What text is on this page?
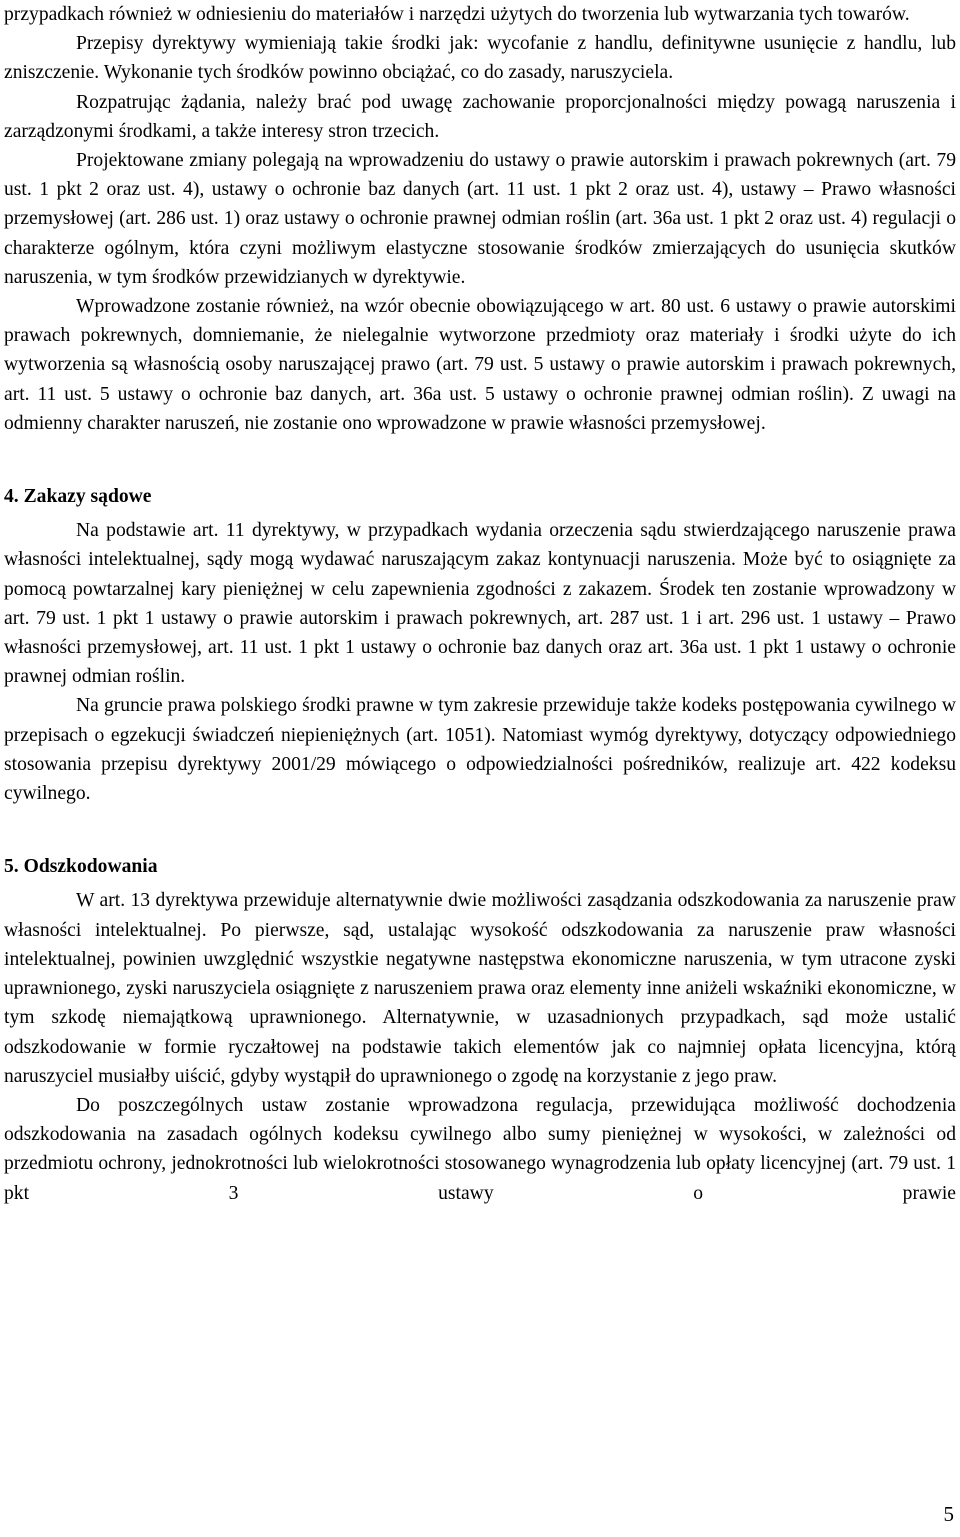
przypadkach również w odniesieniu do materiałów i narzędzi użytych do tworzenia lub wytwarzania tych towarów.

Przepisy dyrektywy wymieniają takie środki jak: wycofanie z handlu, definitywne usunięcie z handlu, lub zniszczenie. Wykonanie tych środków powinno obciążać, co do zasady, naruszyciela.

Rozpatrując żądania, należy brać pod uwagę zachowanie proporcjonalności między powagą naruszenia i zarządzonymi środkami, a także interesy stron trzecich.

Projektowane zmiany polegają na wprowadzeniu do ustawy o prawie autorskim i prawach pokrewnych (art. 79 ust. 1 pkt 2 oraz ust. 4), ustawy o ochronie baz danych (art. 11 ust. 1 pkt 2 oraz ust. 4), ustawy – Prawo własności przemysłowej (art. 286 ust. 1) oraz ustawy o ochronie prawnej odmian roślin (art. 36a ust. 1 pkt 2 oraz ust. 4) regulacji o charakterze ogólnym, która czyni możliwym elastyczne stosowanie środków zmierzających do usunięcia skutków naruszenia, w tym środków przewidzianych w dyrektywie.

Wprowadzone zostanie również, na wzór obecnie obowiązującego w art. 80 ust. 6 ustawy o prawie autorskimi prawach pokrewnych, domniemanie, że nielegalnie wytworzone przedmioty oraz materiały i środki użyte do ich wytworzenia są własnością osoby naruszającej prawo (art. 79 ust. 5 ustawy o prawie autorskim i prawach pokrewnych, art. 11 ust. 5 ustawy o ochronie baz danych, art. 36a ust. 5 ustawy o ochronie prawnej odmian roślin). Z uwagi na odmienny charakter naruszeń, nie zostanie ono wprowadzone w prawie własności przemysłowej.

4. Zakazy sądowe

Na podstawie art. 11 dyrektywy, w przypadkach wydania orzeczenia sądu stwierdzającego naruszenie prawa własności intelektualnej, sądy mogą wydawać naruszającym zakaz kontynuacji naruszenia. Może być to osiągnięte za pomocą powtarzalnej kary pieniężnej w celu zapewnienia zgodności z zakazem. Środek ten zostanie wprowadzony w art. 79 ust. 1 pkt 1 ustawy o prawie autorskim i prawach pokrewnych, art. 287 ust. 1 i art. 296 ust. 1 ustawy – Prawo własności przemysłowej, art. 11 ust. 1 pkt 1 ustawy o ochronie baz danych oraz art. 36a ust. 1 pkt 1 ustawy o ochronie prawnej odmian roślin.

Na gruncie prawa polskiego środki prawne w tym zakresie przewiduje także kodeks postępowania cywilnego w przepisach o egzekucji świadczeń niepieniężnych (art. 1051). Natomiast wymóg dyrektywy, dotyczący odpowiedniego stosowania przepisu dyrektywy 2001/29 mówiącego o odpowiedzialności pośredników, realizuje art. 422 kodeksu cywilnego.

5. Odszkodowania

W art. 13 dyrektywa przewiduje alternatywnie dwie możliwości zasądzania odszkodowania za naruszenie praw własności intelektualnej. Po pierwsze, sąd, ustalając wysokość odszkodowania za naruszenie praw własności intelektualnej, powinien uwzględnić wszystkie negatywne następstwa ekonomiczne naruszenia, w tym utracone zyski uprawnionego, zyski naruszyciela osiągnięte z naruszeniem prawa oraz elementy inne aniżeli wskaźniki ekonomiczne, w tym szkodę niemajątkową uprawnionego. Alternatywnie, w uzasadnionych przypadkach, sąd może ustalić odszkodowanie w formie ryczałtowej na podstawie takich elementów jak co najmniej opłata licencyjna, którą naruszyciel musiałby uiścić, gdyby wystąpił do uprawnionego o zgodę na korzystanie z jego praw.

Do poszczególnych ustaw zostanie wprowadzona regulacja, przewidująca możliwość dochodzenia odszkodowania na zasadach ogólnych kodeksu cywilnego albo sumy pieniężnej w wysokości, w zależności od przedmiotu ochrony, jednokrotności lub wielokrotności stosowanego wynagrodzenia lub opłaty licencyjnej (art. 79 ust. 1 pkt 3 ustawy o prawie

5
